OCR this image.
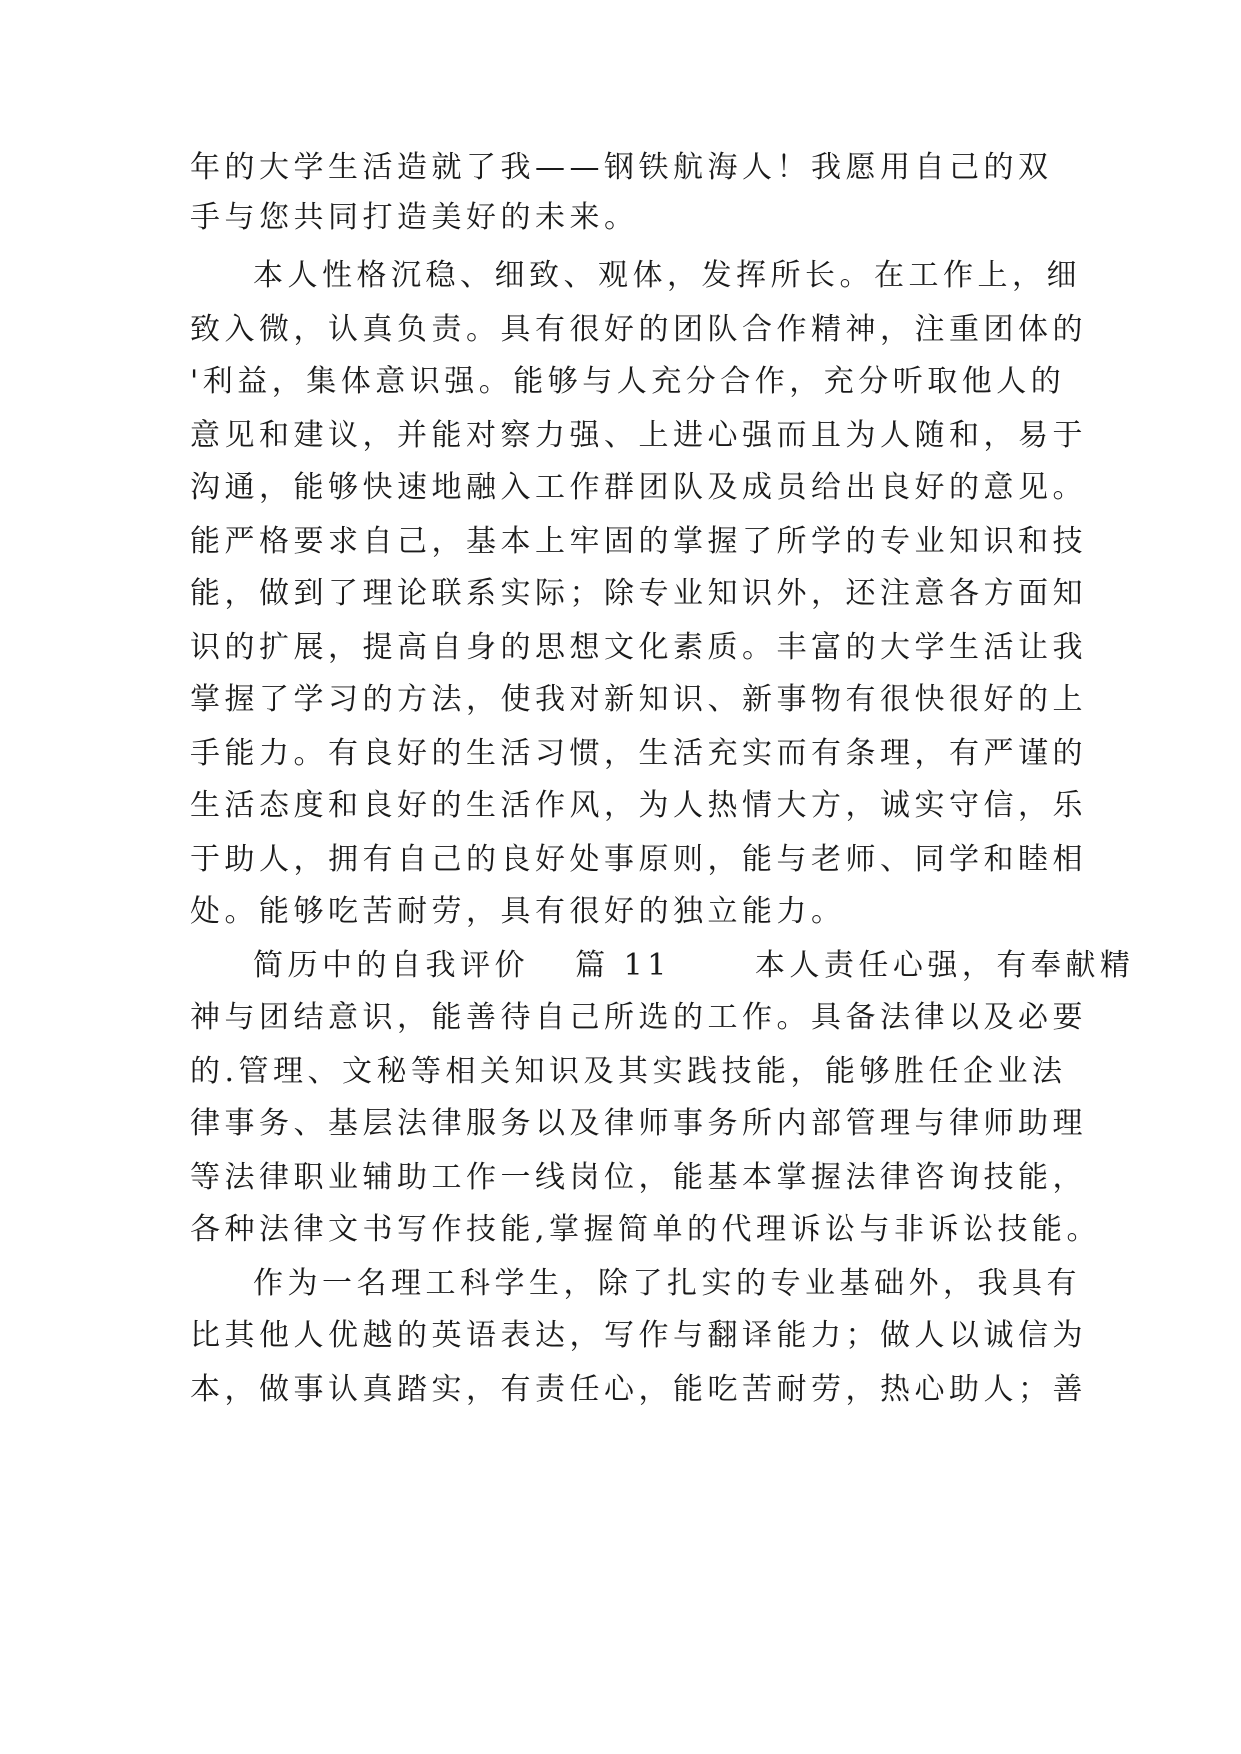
年的大学生活造就了我——钢铁航海人！我愿用自己的双
手与您共同打造美好的未来。
本人性格沉稳、细致、观体，发挥所长。在工作上，细
致入微，认真负责。具有很好的团队合作精神，注重团体的
'利益，集体意识强。能够与人充分合作，充分听取他人的
意见和建议，并能对察力强、上进心强而且为人随和，易于
沟通，能够快速地融入工作群团队及成员给出良好的意见。
能严格要求自己，基本上牢固的掌握了所学的专业知识和技
能，做到了理论联系实际；除专业知识外，还注意各方面知
识的扩展，提高自身的思想文化素质。丰富的大学生活让我
掌握了学习的方法，使我对新知识、新事物有很快很好的上
手能力。有良好的生活习惯，生活充实而有条理，有严谨的
生活态度和良好的生活作风，为人热情大方，诚实守信，乐
于助人，拥有自己的良好处事原则，能与老师、同学和睦相
处。能够吃苦耐劳，具有很好的独立能力。
简历中的自我评价 篇 11	本人责任心强，有奉献精
神与团结意识，能善待自己所选的工作。具备法律以及必要
的.管理、文秘等相关知识及其实践技能，能够胜任企业法
律事务、基层法律服务以及律师事务所内部管理与律师助理
等法律职业辅助工作一线岗位，能基本掌握法律咨询技能，
各种法律文书写作技能,掌握简单的代理诉讼与非诉讼技能。
作为一名理工科学生，除了扎实的专业基础外，我具有
比其他人优越的英语表达，写作与翻译能力；做人以诚信为
本，做事认真踏实，有责任心，能吃苦耐劳，热心助人；善
